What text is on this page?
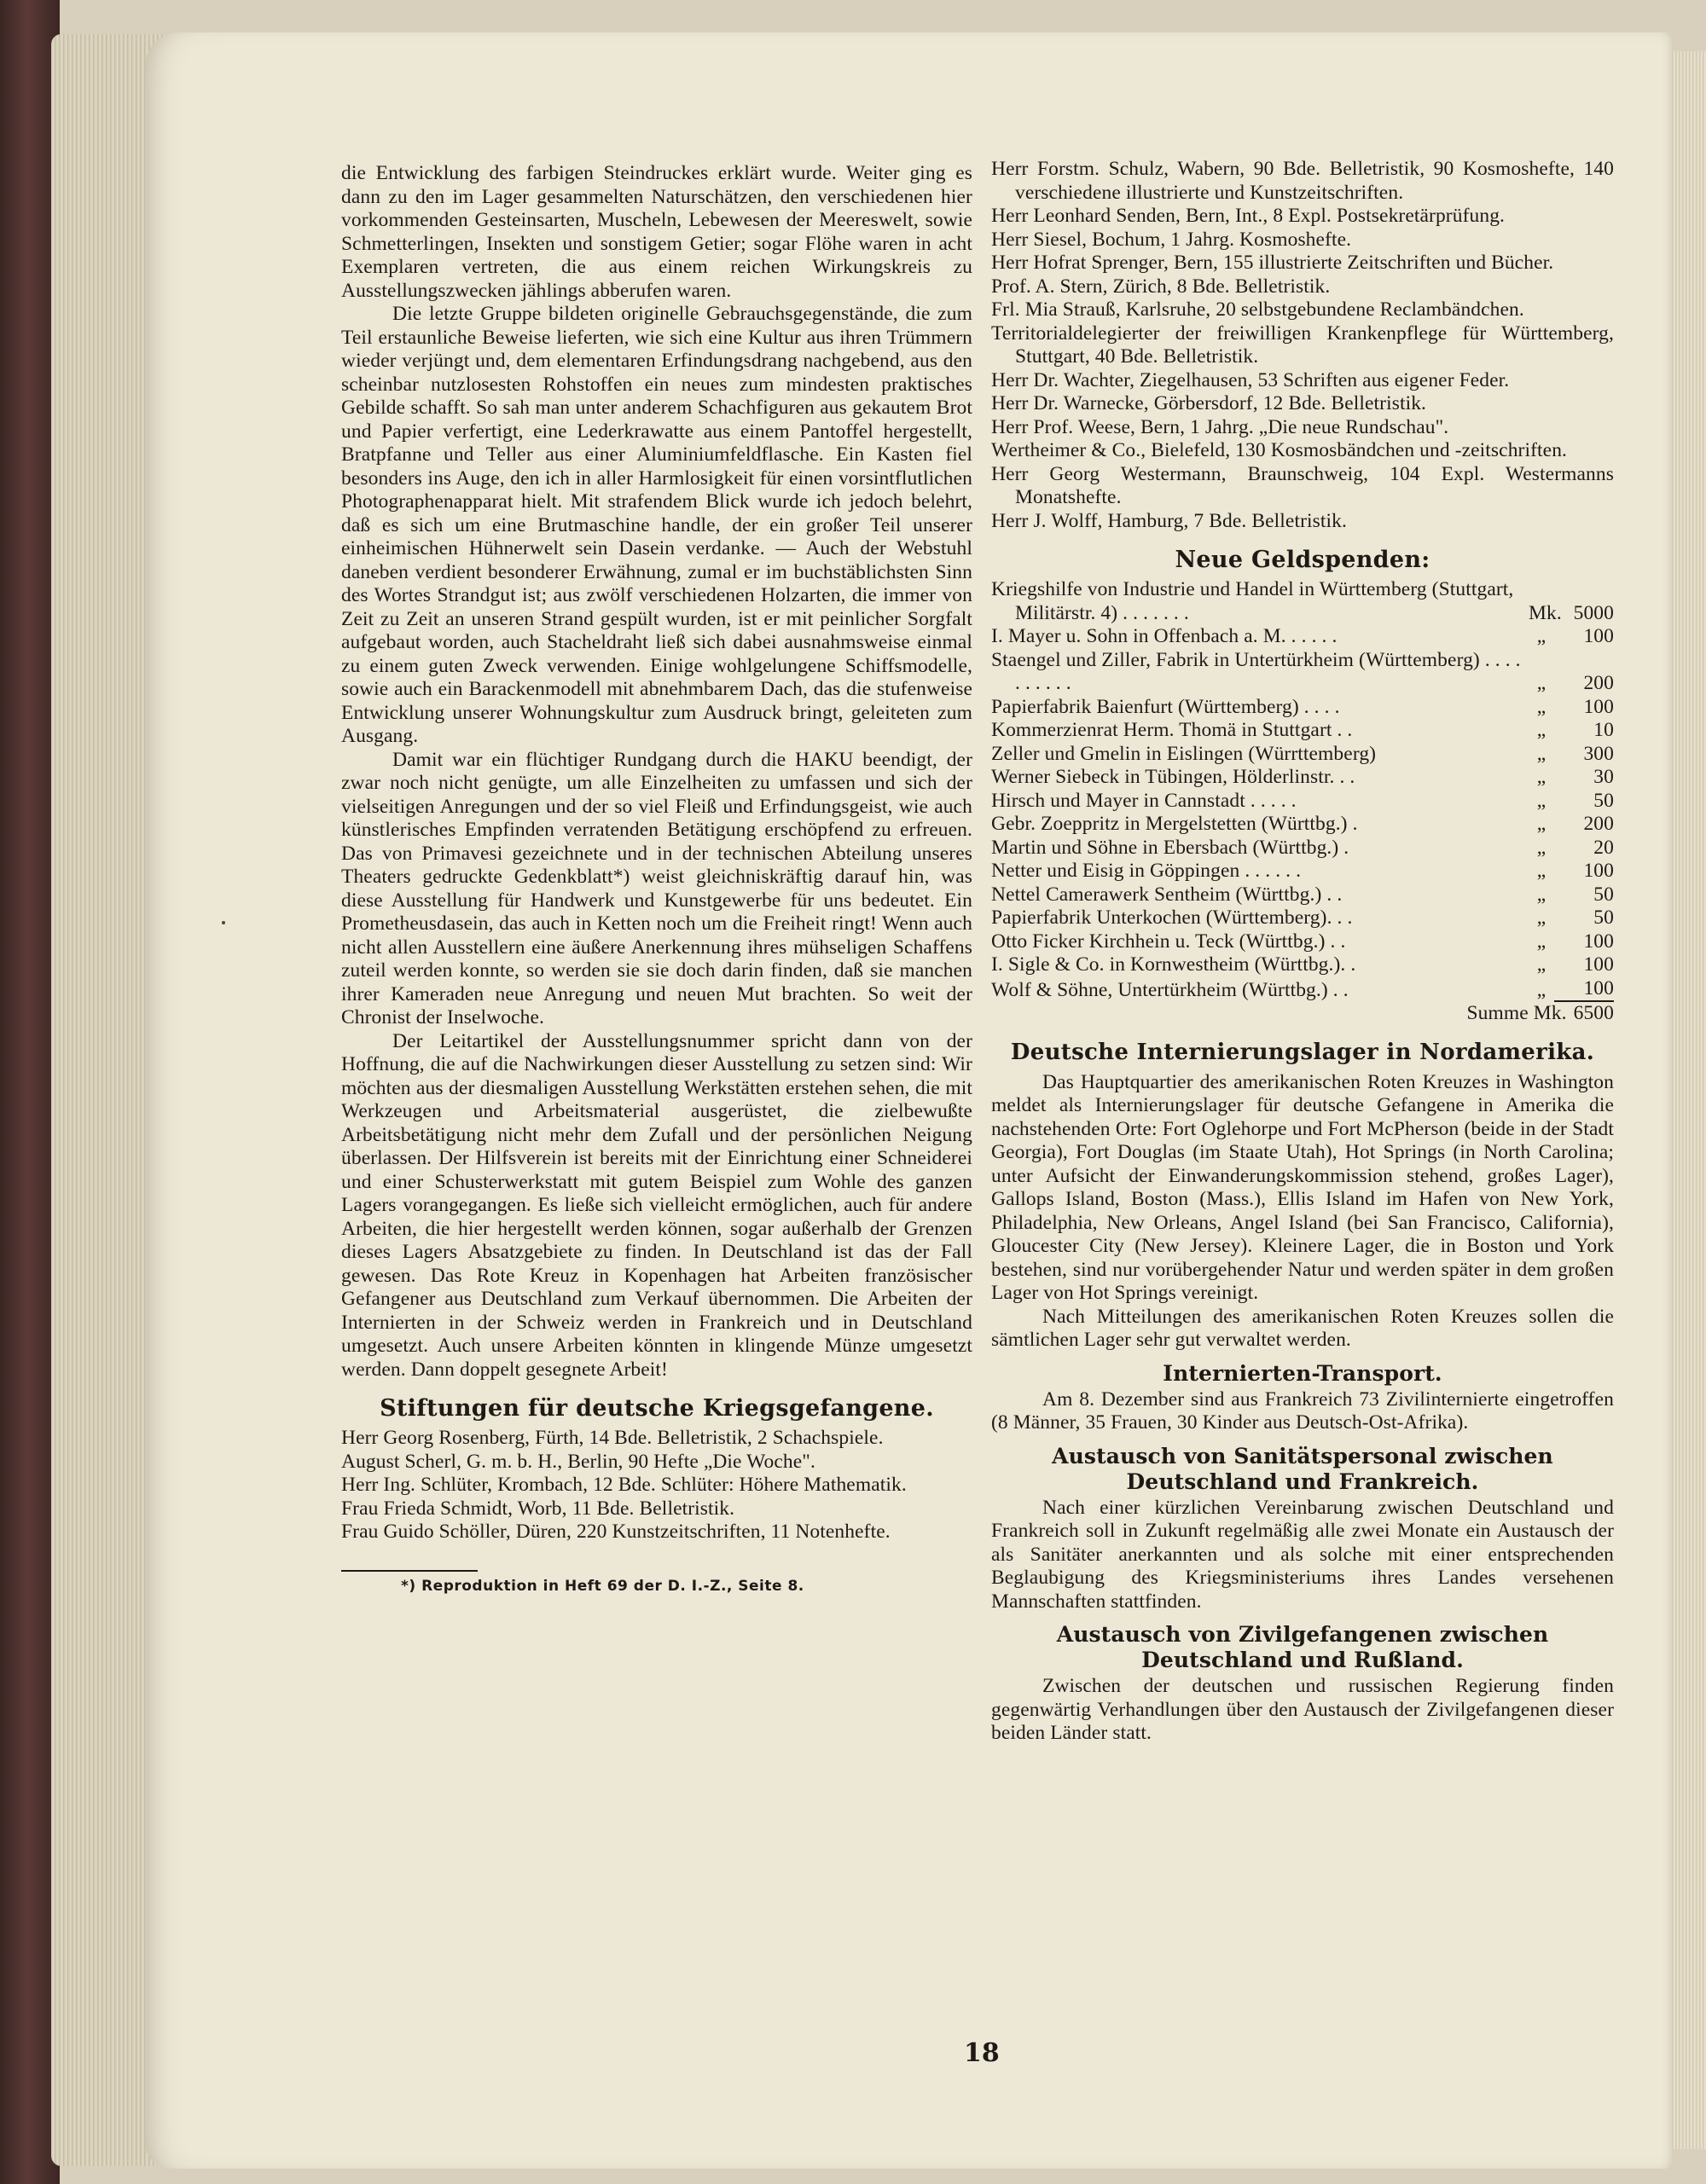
die Entwicklung des farbigen Steindruckes erklärt wurde. Weiter ging es dann zu den im Lager gesammelten Naturschätzen, den verschiedenen hier vorkommenden Gesteinsarten, Muscheln, Lebewesen der Meereswelt, sowie Schmetterlingen, Insekten und sonstigem Getier; sogar Flöhe waren in acht Exemplaren vertreten, die aus einem reichen Wirkungskreis zu Ausstellungszwecken jählings abberufen waren.

Die letzte Gruppe bildeten originelle Gebrauchsgegenstände, die zum Teil erstaunliche Beweise lieferten, wie sich eine Kultur aus ihren Trümmern wieder verjüngt und, dem elementaren Erfindungsdrang nachgebend, aus den scheinbar nutzlosesten Rohstoffen ein neues zum mindesten praktisches Gebilde schafft. So sah man unter anderem Schachfiguren aus gekautem Brot und Papier verfertigt, eine Lederkrawatte aus einem Pantoffel hergestellt, Bratpfanne und Teller aus einer Aluminiumfeldflasche. Ein Kasten fiel besonders ins Auge, den ich in aller Harmlosigkeit für einen vorsintflutlichen Photographenapparat hielt. Mit strafendem Blick wurde ich jedoch belehrt, daß es sich um eine Brutmaschine handle, der ein großer Teil unserer einheimischen Hühnerwelt sein Dasein verdanke. — Auch der Webstuhl daneben verdient besonderer Erwähnung, zumal er im buchstäblichsten Sinn des Wortes Strandgut ist; aus zwölf verschiedenen Holzarten, die immer von Zeit zu Zeit an unseren Strand gespült wurden, ist er mit peinlicher Sorgfalt aufgebaut worden, auch Stacheldraht ließ sich dabei ausnahmsweise einmal zu einem guten Zweck verwenden. Einige wohlgelungene Schiffsmodelle, sowie auch ein Barackenmodell mit abnehmbarem Dach, das die stufenweise Entwicklung unserer Wohnungskultur zum Ausdruck bringt, geleiteten zum Ausgang.

Damit war ein flüchtiger Rundgang durch die HAKU beendigt, der zwar noch nicht genügte, um alle Einzelheiten zu umfassen und sich der vielseitigen Anregungen und der so viel Fleiß und Erfindungsgeist, wie auch künstlerisches Empfinden verratenden Betätigung erschöpfend zu erfreuen. Das von Primavesi gezeichnete und in der technischen Abteilung unseres Theaters gedruckte Gedenkblatt*) weist gleichniskräftig darauf hin, was diese Ausstellung für Handwerk und Kunstgewerbe für uns bedeutet. Ein Prometheusdasein, das auch in Ketten noch um die Freiheit ringt! Wenn auch nicht allen Ausstellern eine äußere Anerkennung ihres mühseligen Schaffens zuteil werden konnte, so werden sie sie doch darin finden, daß sie manchen ihrer Kameraden neue Anregung und neuen Mut brachten. So weit der Chronist der Inselwoche.

Der Leitartikel der Ausstellungsnummer spricht dann von der Hoffnung, die auf die Nachwirkungen dieser Ausstellung zu setzen sind: Wir möchten aus der diesmaligen Ausstellung Werkstätten erstehen sehen, die mit Werkzeugen und Arbeitsmaterial ausgerüstet, die zielbewußte Arbeitsbetätigung nicht mehr dem Zufall und der persönlichen Neigung überlassen. Der Hilfsverein ist bereits mit der Einrichtung einer Schneiderei und einer Schusterwerkstatt mit gutem Beispiel zum Wohle des ganzen Lagers vorangegangen. Es ließe sich vielleicht ermöglichen, auch für andere Arbeiten, die hier hergestellt werden können, sogar außerhalb der Grenzen dieses Lagers Absatzgebiete zu finden. In Deutschland ist das der Fall gewesen. Das Rote Kreuz in Kopenhagen hat Arbeiten französischer Gefangener aus Deutschland zum Verkauf übernommen. Die Arbeiten der Internierten in der Schweiz werden in Frankreich und in Deutschland umgesetzt. Auch unsere Arbeiten könnten in klingende Münze umgesetzt werden. Dann doppelt gesegnete Arbeit!

Stiftungen für deutsche Kriegsgefangene.

Herr Georg Rosenberg, Fürth, 14 Bde. Belletristik, 2 Schachspiele.

August Scherl, G. m. b. H., Berlin, 90 Hefte „Die Woche".

Herr Ing. Schlüter, Krombach, 12 Bde. Schlüter: Höhere Mathematik.

Frau Frieda Schmidt, Worb, 11 Bde. Belletristik.

Frau Guido Schöller, Düren, 220 Kunstzeitschriften, 11 Notenhefte.

*) Reproduktion in Heft 69 der D. I.-Z., Seite 8.

Herr Forstm. Schulz, Wabern, 90 Bde. Belletristik, 90 Kosmoshefte, 140 verschiedene illustrierte und Kunstzeitschriften.

Herr Leonhard Senden, Bern, Int., 8 Expl. Postsekretärprüfung.

Herr Siesel, Bochum, 1 Jahrg. Kosmoshefte.

Herr Hofrat Sprenger, Bern, 155 illustrierte Zeitschriften und Bücher.

Prof. A. Stern, Zürich, 8 Bde. Belletristik.

Frl. Mia Strauß, Karlsruhe, 20 selbstgebundene Reclambändchen.

Territorialdelegierter der freiwilligen Krankenpflege für Württemberg, Stuttgart, 40 Bde. Belletristik.

Herr Dr. Wachter, Ziegelhausen, 53 Schriften aus eigener Feder.

Herr Dr. Warnecke, Görbersdorf, 12 Bde. Belletristik.

Herr Prof. Weese, Bern, 1 Jahrg. „Die neue Rundschau".

Wertheimer & Co., Bielefeld, 130 Kosmosbändchen und -zeitschriften.

Herr Georg Westermann, Braunschweig, 104 Expl. Westermanns Monatshefte.

Herr J. Wolff, Hamburg, 7 Bde. Belletristik.

Neue Geldspenden:
Kriegshilfe von Industrie und Handel in Württemberg (Stuttgart, Militärstr. 4) . . . . . . .	Mk. 5000
I. Mayer u. Sohn in Offenbach a. M. . . . . .	„	100
Staengel und Ziller, Fabrik in Untertürkheim (Württemberg) . . . . . . . . . .	„	200
Papierfabrik Baienfurt (Württemberg) . . . .	„	100
Kommerzienrat Herm. Thomä in Stuttgart . .	„	10
Zeller und Gmelin in Eislingen (Würrttemberg)	„	300
Werner Siebeck in Tübingen, Hölderlinstr. . .	„	30
Hirsch und Mayer in Cannstadt . . . . .	„	50
Gebr. Zoeppritz in Mergelstetten (Württbg.) .	„	200
Martin und Söhne in Ebersbach (Württbg.) .	„	20
Netter und Eisig in Göppingen . . . . . .	„	100
Nettel Camerawerk Sentheim (Württbg.) . .	„	50
Papierfabrik Unterkochen (Württemberg). . .	„	50
Otto Ficker Kirchhein u. Teck (Württbg.) . .	„	100
I. Sigle & Co. in Kornwestheim (Württbg.). .	„	100
Wolf & Söhne, Untertürkheim (Württbg.) . .	„	100
Summe Mk. 6500
Deutsche Internierungslager in Nordamerika.

Das Hauptquartier des amerikanischen Roten Kreuzes in Washington meldet als Internierungslager für deutsche Gefangene in Amerika die nachstehenden Orte: Fort Oglehorpe und Fort McPherson (beide in der Stadt Georgia), Fort Douglas (im Staate Utah), Hot Springs (in North Carolina; unter Aufsicht der Einwanderungskommission stehend, großes Lager), Gallops Island, Boston (Mass.), Ellis Island im Hafen von New York, Philadelphia, New Orleans, Angel Island (bei San Francisco, California), Gloucester City (New Jersey). Kleinere Lager, die in Boston und York bestehen, sind nur vorübergehender Natur und werden später in dem großen Lager von Hot Springs vereinigt.

Nach Mitteilungen des amerikanischen Roten Kreuzes sollen die sämtlichen Lager sehr gut verwaltet werden.

Internierten-Transport.

Am 8. Dezember sind aus Frankreich 73 Zivilinternierte eingetroffen (8 Männer, 35 Frauen, 30 Kinder aus Deutsch-Ost-Afrika).

Austausch von Sanitätspersonal zwischen Deutschland und Frankreich.

Nach einer kürzlichen Vereinbarung zwischen Deutschland und Frankreich soll in Zukunft regelmäßig alle zwei Monate ein Austausch der als Sanitäter anerkannten und als solche mit einer entsprechenden Beglaubigung des Kriegsministeriums ihres Landes versehenen Mannschaften stattfinden.

Austausch von Zivilgefangenen zwischen Deutschland und Rußland.

Zwischen der deutschen und russischen Regierung finden gegenwärtig Verhandlungen über den Austausch der Zivilgefangenen dieser beiden Länder statt.

18
